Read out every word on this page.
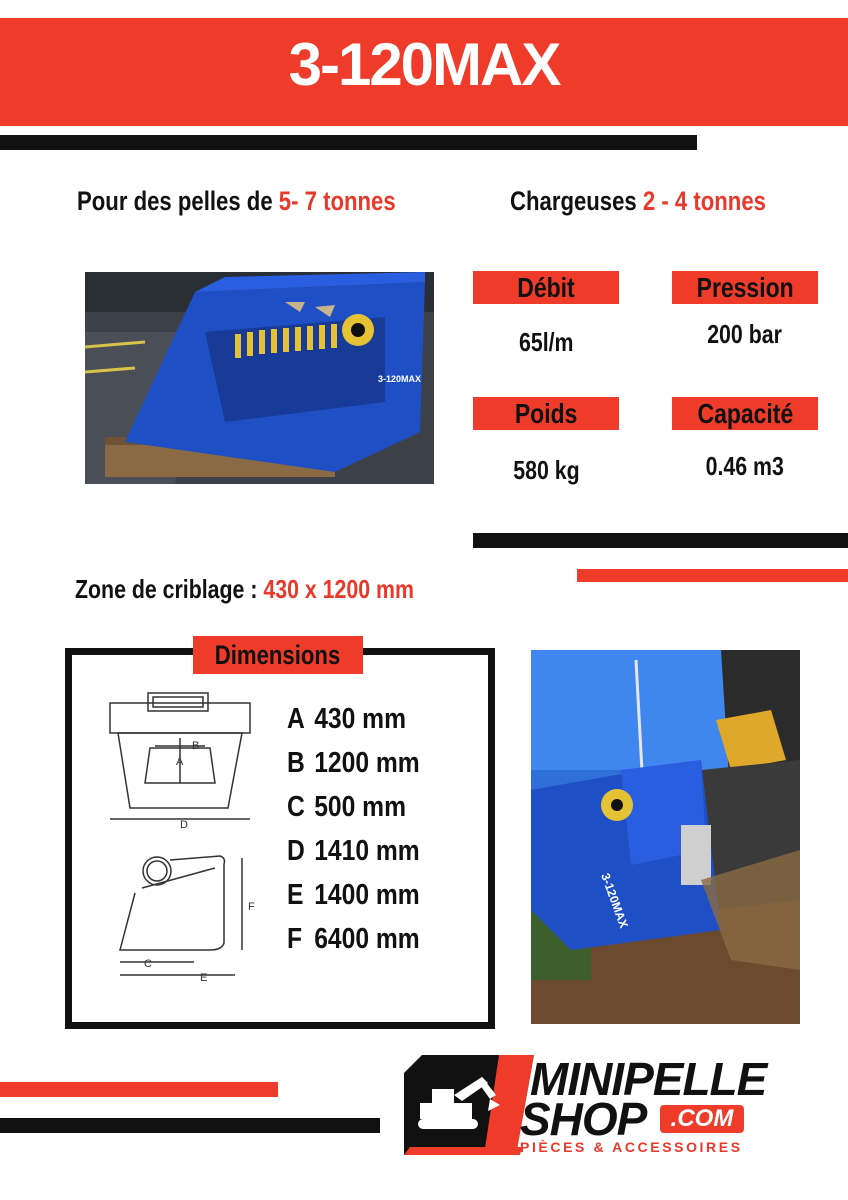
3-120MAX
Pour des pelles de 5- 7 tonnes	Chargeuses 2 - 4 tonnes
3-120MAX
Débit
65l/m
Pression
200 bar
Poids
580 kg
Capacité
0.46 m3
Zone de criblage : 430 x 1200 mm
Dimensions
B
A
D
F
C
E
A 430 mm
B 1200 mm
C 500 mm
D 1410 mm
E 1400 mm
F 6400 mm
3-120MAX
MINIPELLE
SHOP	.COM
PIÈCES & ACCESSOIRES
